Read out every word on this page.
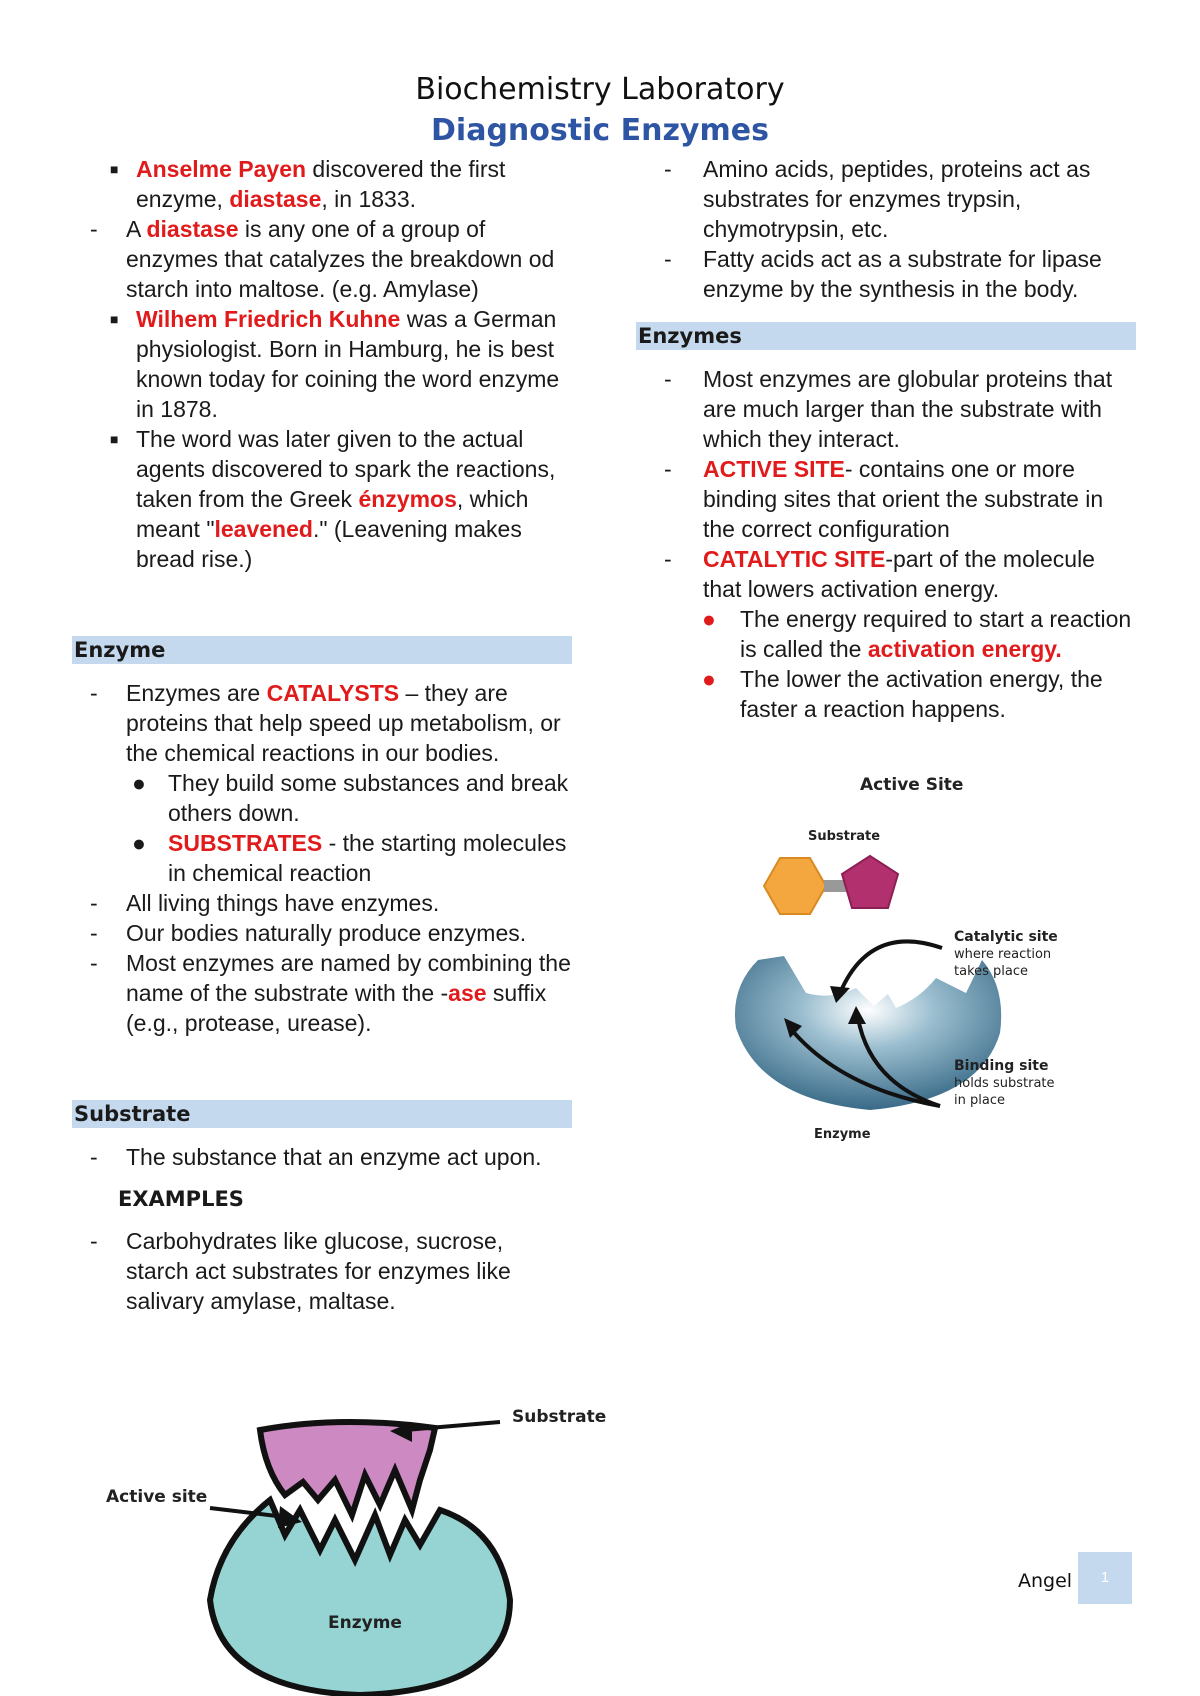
Biochemistry Laboratory
Diagnostic Enzymes
■ Anselme Payen discovered the first enzyme, diastase, in 1833.
-	A diastase is any one of a group of enzymes that catalyzes the breakdown od starch into maltose. (e.g. Amylase)
■ Wilhem Friedrich Kuhne was a German physiologist. Born in Hamburg, he is best known today for coining the word enzyme in 1878.
■ The word was later given to the actual agents discovered to spark the reactions, taken from the Greek énzymos, which meant "leavened." (Leavening makes bread rise.)
Enzyme
-	Enzymes are CATALYSTS – they are proteins that help speed up metabolism, or the chemical reactions in our bodies.
● They build some substances and break others down.
● SUBSTRATES - the starting molecules in chemical reaction
-	All living things have enzymes.
-	Our bodies naturally produce enzymes.
-	Most enzymes are named by combining the name of the substrate with the -ase suffix (e.g., protease, urease).
Substrate
-	The substance that an enzyme act upon.
EXAMPLES
-	Carbohydrates like glucose, sucrose, starch act substrates for enzymes like salivary amylase, maltase.
Substrate
Active site
Enzyme
-	Amino acids, peptides, proteins act as substrates for enzymes trypsin, chymotrypsin, etc.
-	Fatty acids act as a substrate for lipase enzyme by the synthesis in the body.
Enzymes
-	Most enzymes are globular proteins that are much larger than the substrate with which they interact.
-	ACTIVE SITE- contains one or more binding sites that orient the substrate in the correct configuration
-	CATALYTIC SITE-part of the molecule that lowers activation energy.
● The energy required to start a reaction is called the activation energy.
● The lower the activation energy, the faster a reaction happens.
Active Site
Substrate
Catalytic site
where reaction
takes place
Binding site
holds substrate
in place
Enzyme
Angel	1
